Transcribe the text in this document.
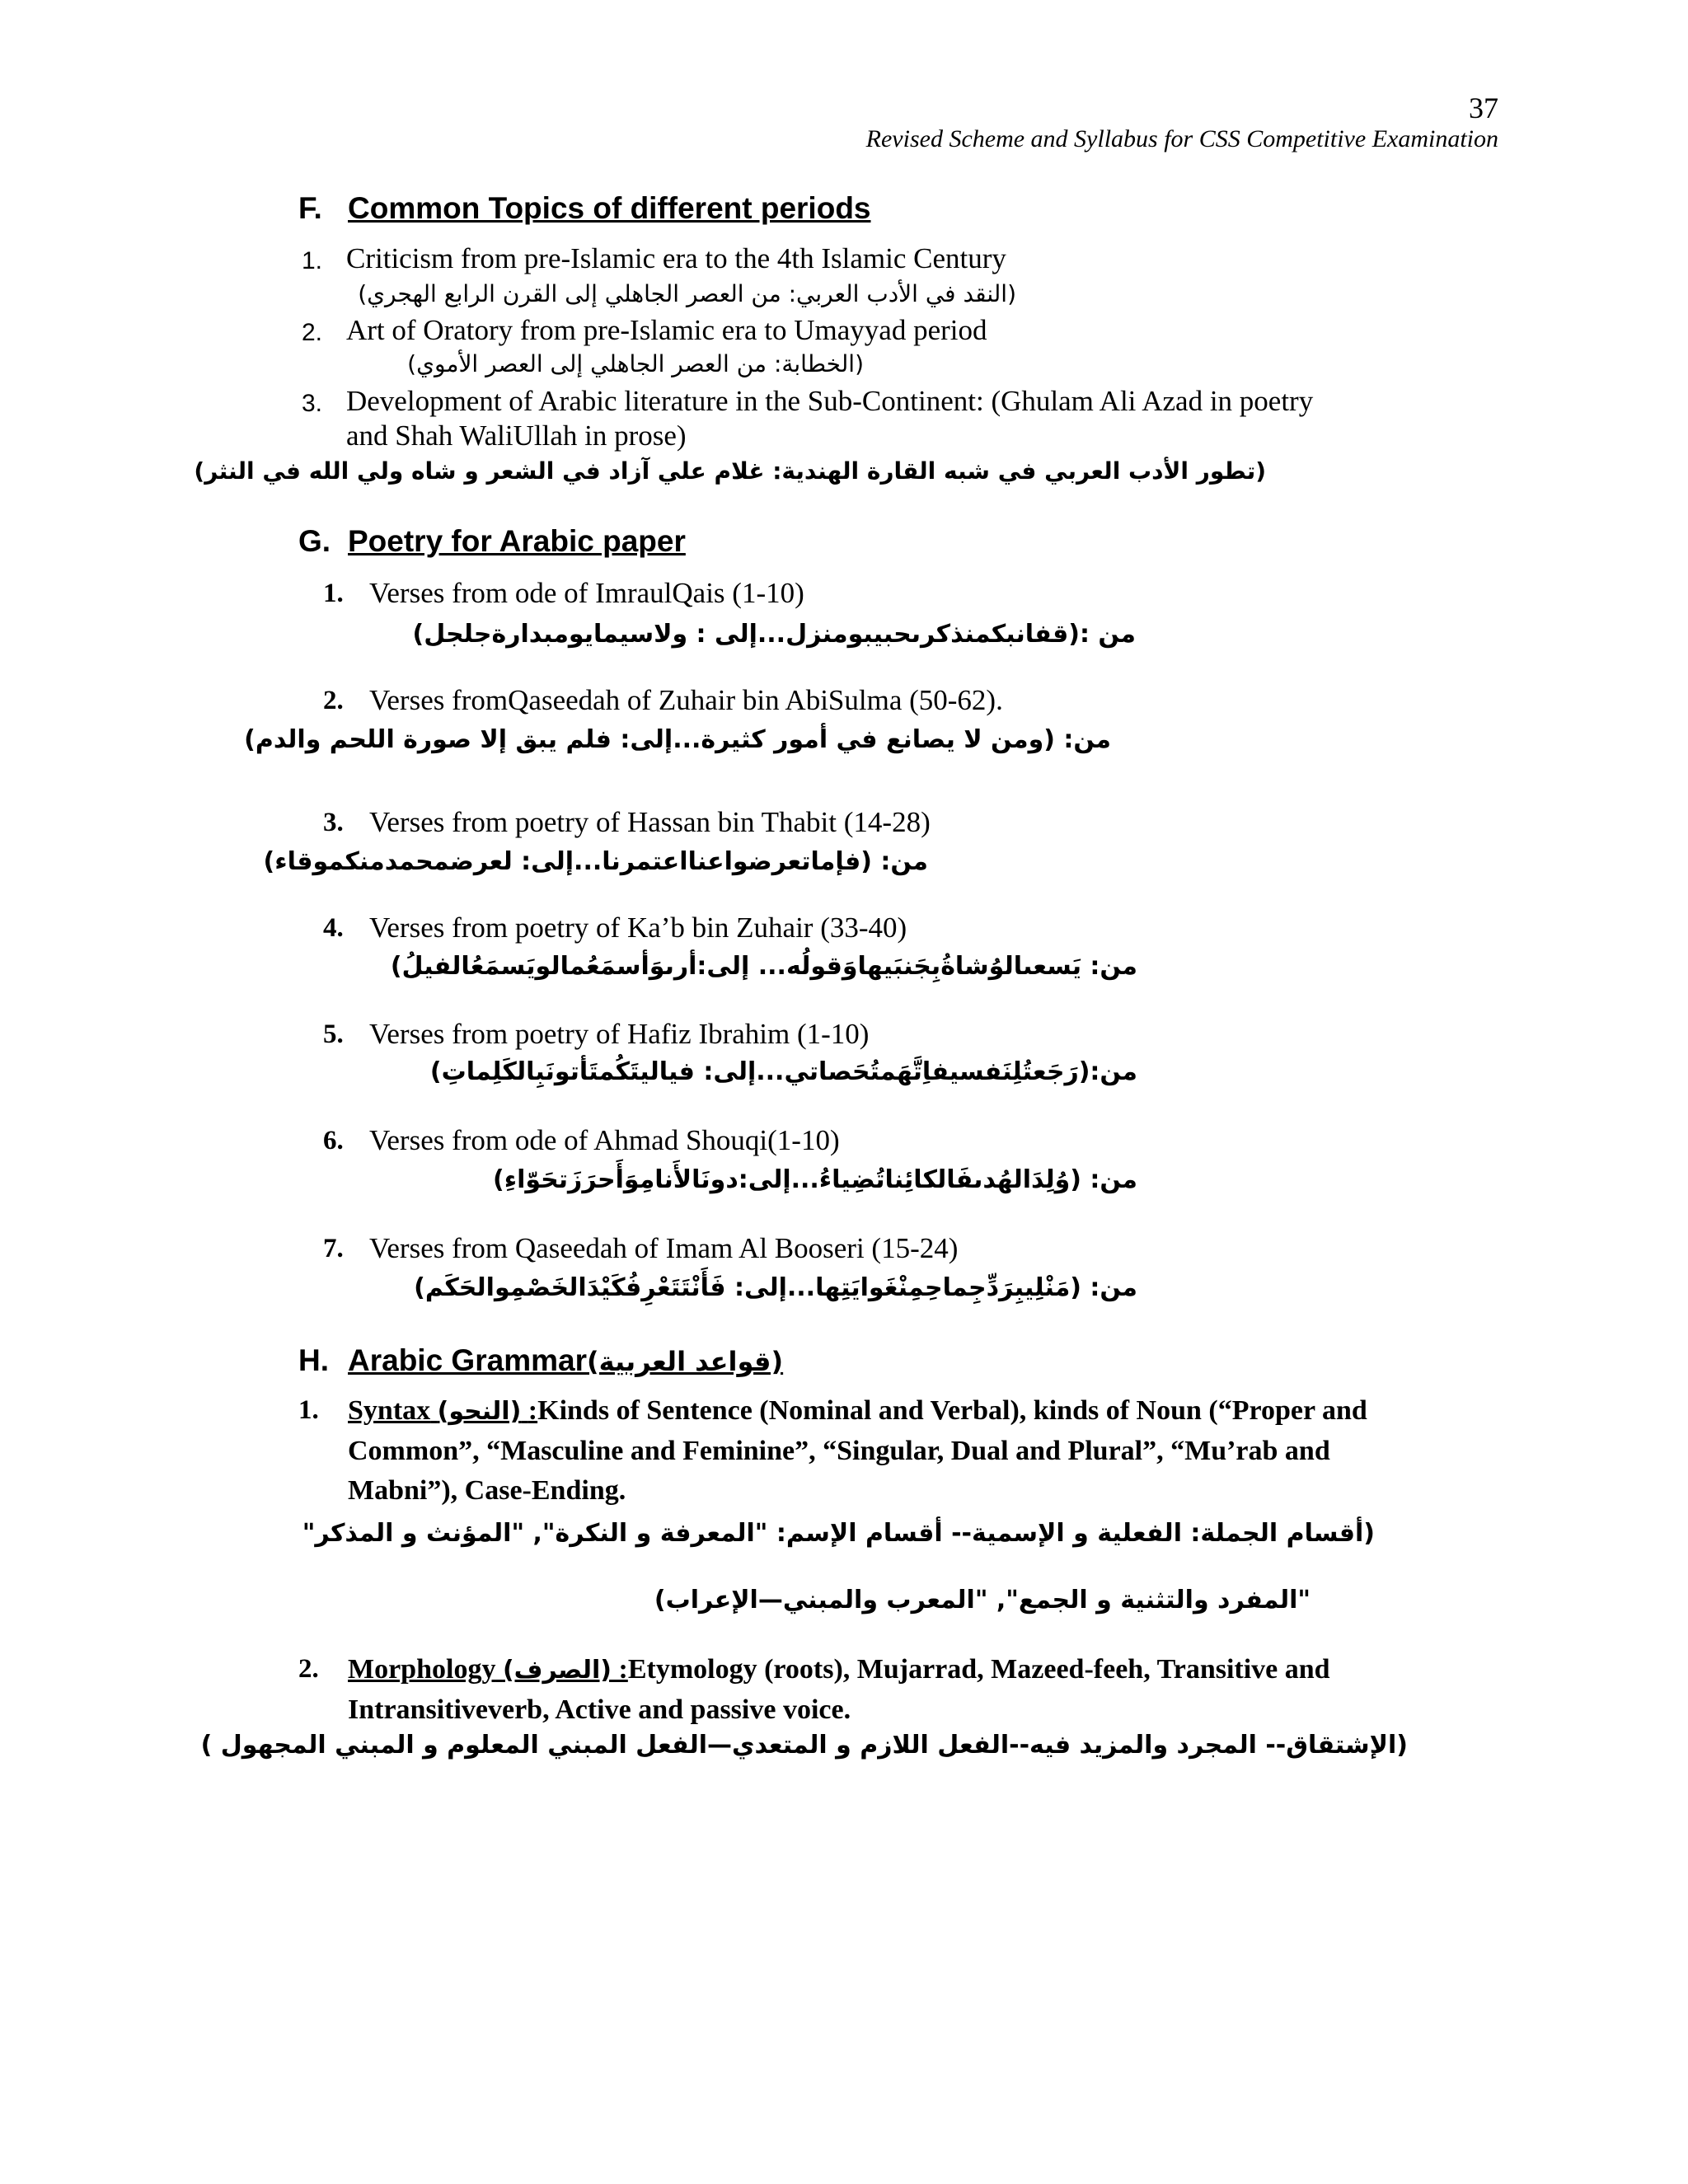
37
Revised Scheme and Syllabus for CSS Competitive Examination
F. Common Topics of different periods
1. Criticism from pre-Islamic era to the 4th Islamic Century
(النقد في الأدب العربي: من العصر الجاهلي إلى القرن الرابع الهجري)
2. Art of Oratory from pre-Islamic era to Umayyad period
(الخطابة: من العصر الجاهلي إلى العصر الأموي)
3. Development of Arabic literature in the Sub-Continent: (Ghulam Ali Azad in poetry
and Shah WaliUllah in prose)
(تطور الأدب العربي في شبه القارة الهندية: غلام علي آزاد في الشعر و شاه ولي الله في النثر)
G. Poetry for Arabic paper
1. Verses from ode of ImraulQais (1-10)
من :(قفانبكمنذكرىحبيبومنزل...إلى : ولاسيمايومبدارةجلجل)
2. Verses fromQaseedah of Zuhair bin AbiSulma (50-62).
من: (ومن لا يصانع في أمور كثيرة...إلى: فلم يبق إلا صورة اللحم والدم)
3. Verses from poetry of Hassan bin Thabit (14-28)
من: (فإماتعرضواعنااعتمرنا...إلى: لعرضمحمدمنكموقاء)
4. Verses from poetry of Ka’b bin Zuhair (33-40)
من: يَسعىالوُشاةُبِجَنبَيهاوَقولُه... إلى:أرىوَأسمَعُمالويَسمَعُالفيلُ)
5. Verses from poetry of Hafiz Ibrahim (1-10)
من:(رَجَعتُلِنَفسيفاِتَّهَمتُحَصاتي...إلى: فياليتَكُمتَأتونَبِالكَلِماتِ)
6. Verses from ode of Ahmad Shouqi(1-10)
من: (وُلِدَالهُدىفَالكائِناتُضِياءُ...إلى:دونَالأَنامِوَأَحرَزَتحَوّاءِ)
7. Verses from Qaseedah of Imam Al Booseri (15-24)
من: (مَنْلِيبِرَدِّجِماحِمِنْغَوايَتِها...إلى: فَأَنْتَتَعْرِفُكَيْدَالخَصْمِوالحَكَم)
H. Arabic Grammar(قواعد العربية)
1. Syntax (النحو) :Kinds of Sentence (Nominal and Verbal), kinds of Noun (“Proper and
Common”, “Masculine and Feminine”, “Singular, Dual and Plural”, “Mu’rab and
Mabni”), Case-Ending.
(أقسام الجملة: الفعلية و الإسمية-- أقسام الإسم: "المعرفة و النكرة", "المؤنث و المذكر"
"المفرد والتثنية و الجمع", "المعرب والمبني—الإعراب)
2. Morphology (الصرف) :Etymology (roots), Mujarrad, Mazeed-feeh, Transitive and
Intransitiveverb, Active and passive voice.
(الإشتقاق-- المجرد والمزيد فيه--الفعل اللازم و المتعدي—الفعل المبني المعلوم و المبني المجهول )
